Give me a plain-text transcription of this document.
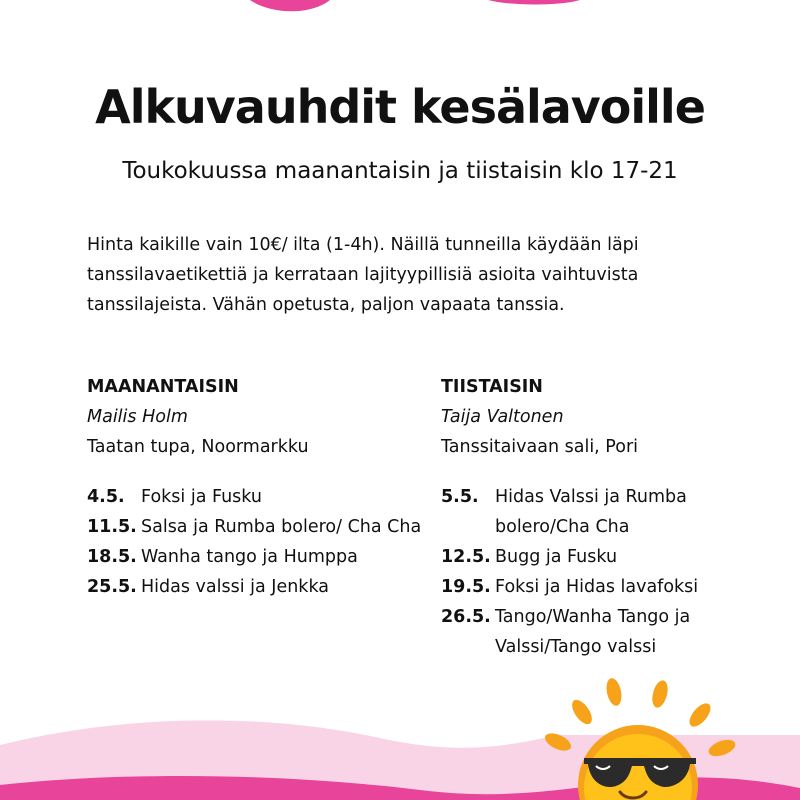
Alkuvauhdit kesälavoille
Toukokuussa maanantaisin ja tiistaisin klo 17-21

Hinta kaikille vain 10€/ ilta (1-4h). Näillä tunneilla käydään läpi tanssilavaetikettiä ja kerrataan lajityypillisiä asioita vaihtuvista tanssilajeista. Vähän opetusta, paljon vapaata tanssia.

MAANANTAISIN
Mailis Holm
Taatan tupa, Noormarkku
4.5. Foksi ja Fusku
11.5. Salsa ja Rumba bolero/ Cha Cha
18.5. Wanha tango ja Humppa
25.5. Hidas valssi ja Jenkka
TIISTAISIN
Taija Valtonen
Tanssitaivaan sali, Pori
5.5. Hidas Valssi ja Rumba bolero/Cha Cha
12.5. Bugg ja Fusku
19.5. Foksi ja Hidas lavafoksi
26.5. Tango/Wanha Tango ja Valssi/Tango valssi
